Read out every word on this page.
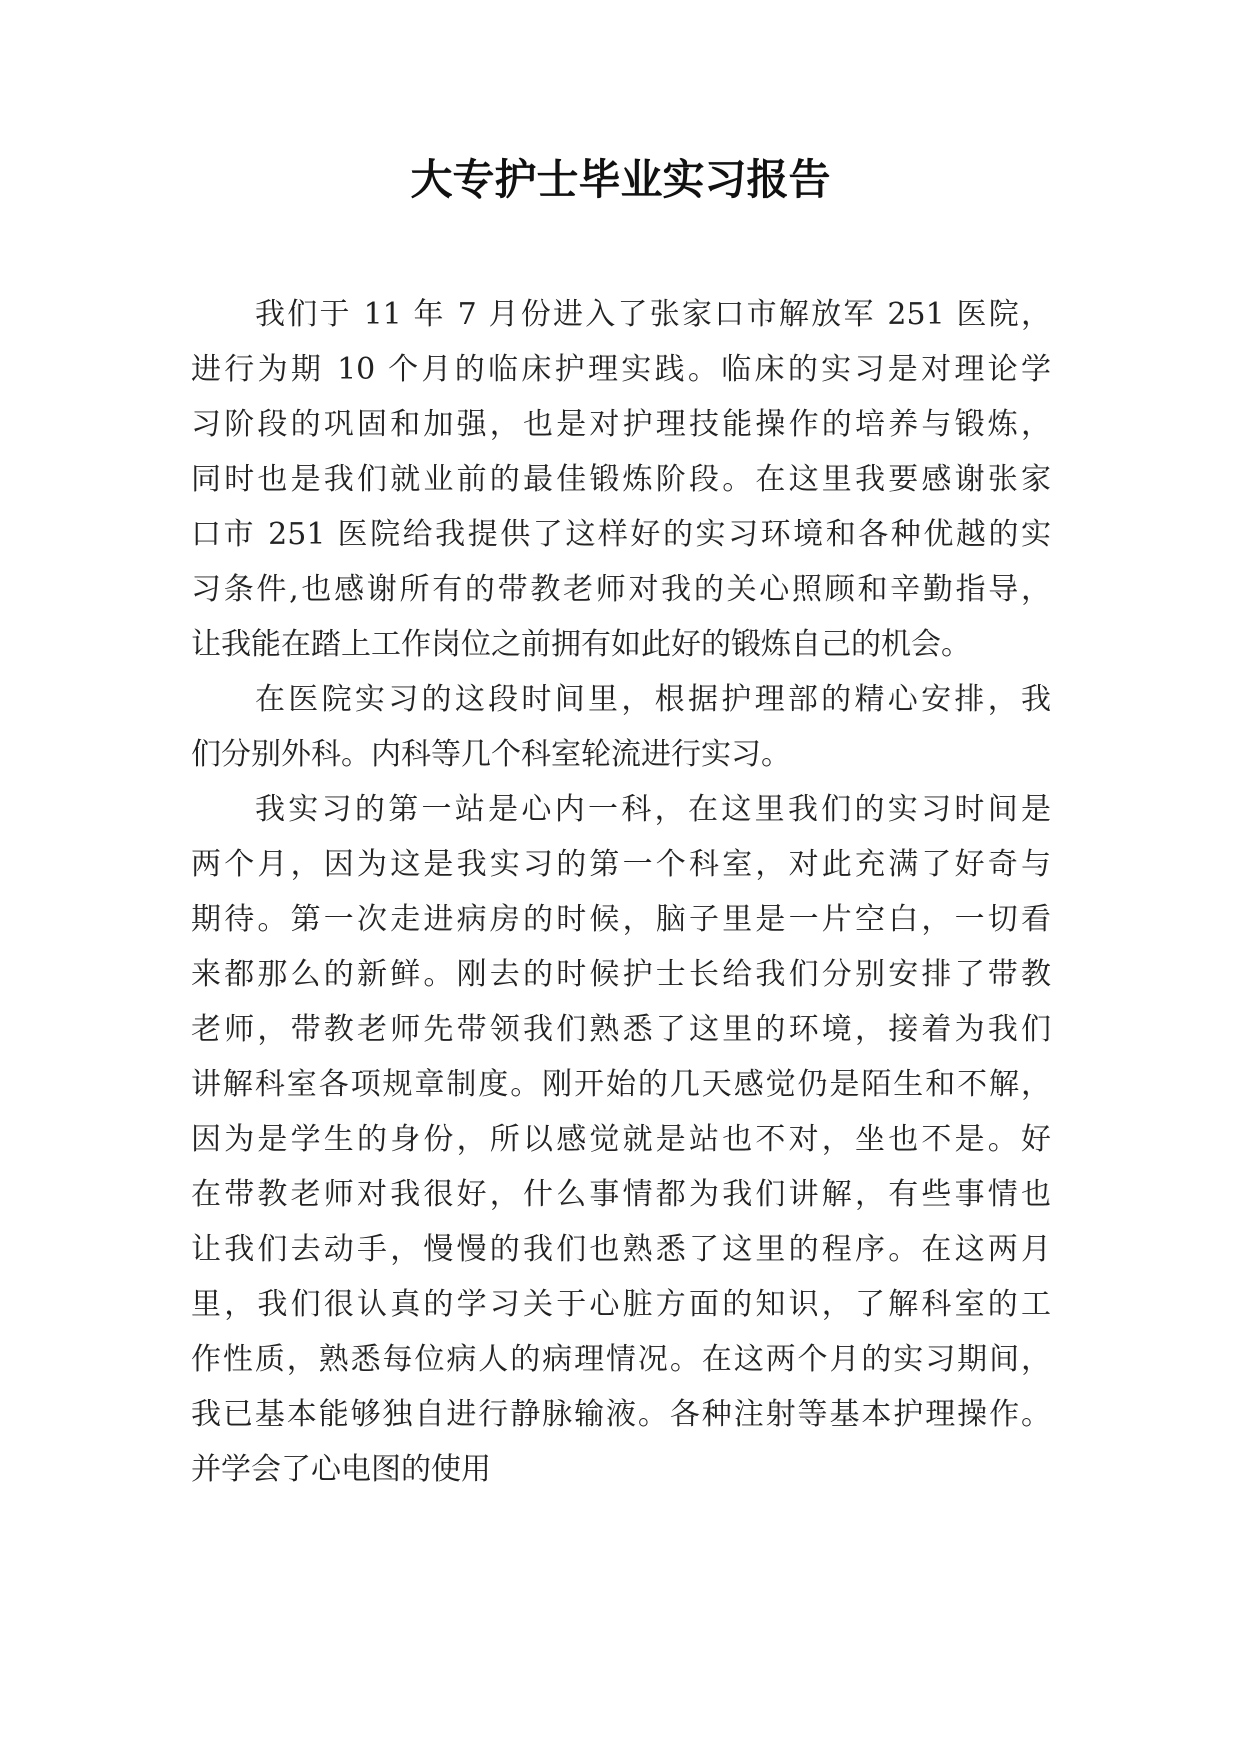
大专护士毕业实习报告
我们于 11 年 7 月份进入了张家口市解放军 251 医院，
进行为期 10 个月的临床护理实践。临床的实习是对理论学
习阶段的巩固和加强，也是对护理技能操作的培养与锻炼，
同时也是我们就业前的最佳锻炼阶段。在这里我要感谢张家
口市 251 医院给我提供了这样好的实习环境和各种优越的实
习条件,也感谢所有的带教老师对我的关心照顾和辛勤指导，
让我能在踏上工作岗位之前拥有如此好的锻炼自己的机会。
在医院实习的这段时间里，根据护理部的精心安排，我
们分别外科。内科等几个科室轮流进行实习。
我实习的第一站是心内一科，在这里我们的实习时间是
两个月，因为这是我实习的第一个科室，对此充满了好奇与
期待。第一次走进病房的时候，脑子里是一片空白，一切看
来都那么的新鲜。刚去的时候护士长给我们分别安排了带教
老师，带教老师先带领我们熟悉了这里的环境，接着为我们
讲解科室各项规章制度。刚开始的几天感觉仍是陌生和不解，
因为是学生的身份，所以感觉就是站也不对，坐也不是。好
在带教老师对我很好，什么事情都为我们讲解，有些事情也
让我们去动手，慢慢的我们也熟悉了这里的程序。在这两月
里，我们很认真的学习关于心脏方面的知识，了解科室的工
作性质，熟悉每位病人的病理情况。在这两个月的实习期间，
我已基本能够独自进行静脉输液。各种注射等基本护理操作。
并学会了心电图的使用
